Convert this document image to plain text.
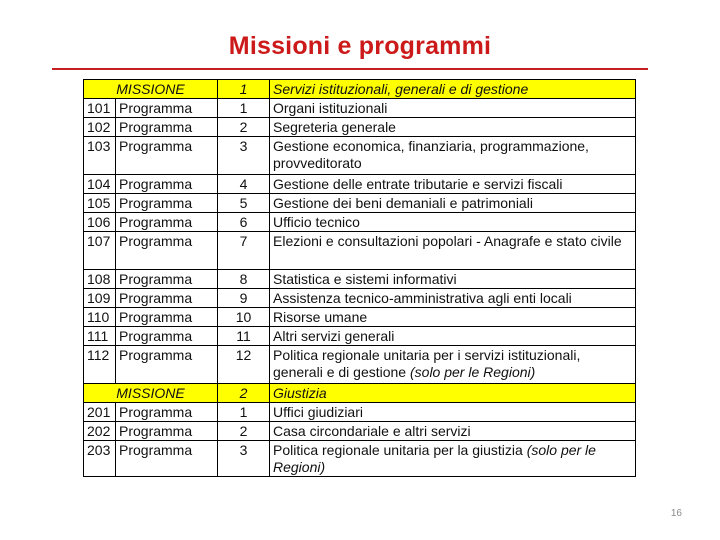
Missioni e programmi
MISSIONE		1	Servizi istituzionali, generali e di gestione
101	Programma	1	Organi istituzionali
102	Programma	2	Segreteria generale
103	Programma	3	Gestione economica, finanziaria, programmazione, provveditorato
104	Programma	4	Gestione delle entrate tributarie e servizi fiscali
105	Programma	5	Gestione dei beni demaniali e patrimoniali
106	Programma	6	Ufficio tecnico
107	Programma	7	Elezioni e consultazioni popolari - Anagrafe e stato civile
108	Programma	8	Statistica e sistemi informativi
109	Programma	9	Assistenza tecnico-amministrativa agli enti locali
110	Programma	10	Risorse umane
111	Programma	11	Altri servizi generali
112	Programma	12	Politica regionale unitaria per i servizi istituzionali, generali e di gestione (solo per le Regioni)
MISSIONE		2	Giustizia
201	Programma	1	Uffici giudiziari
202	Programma	2	Casa circondariale e altri servizi
203	Programma	3	Politica regionale unitaria per la giustizia (solo per le Regioni)
16
